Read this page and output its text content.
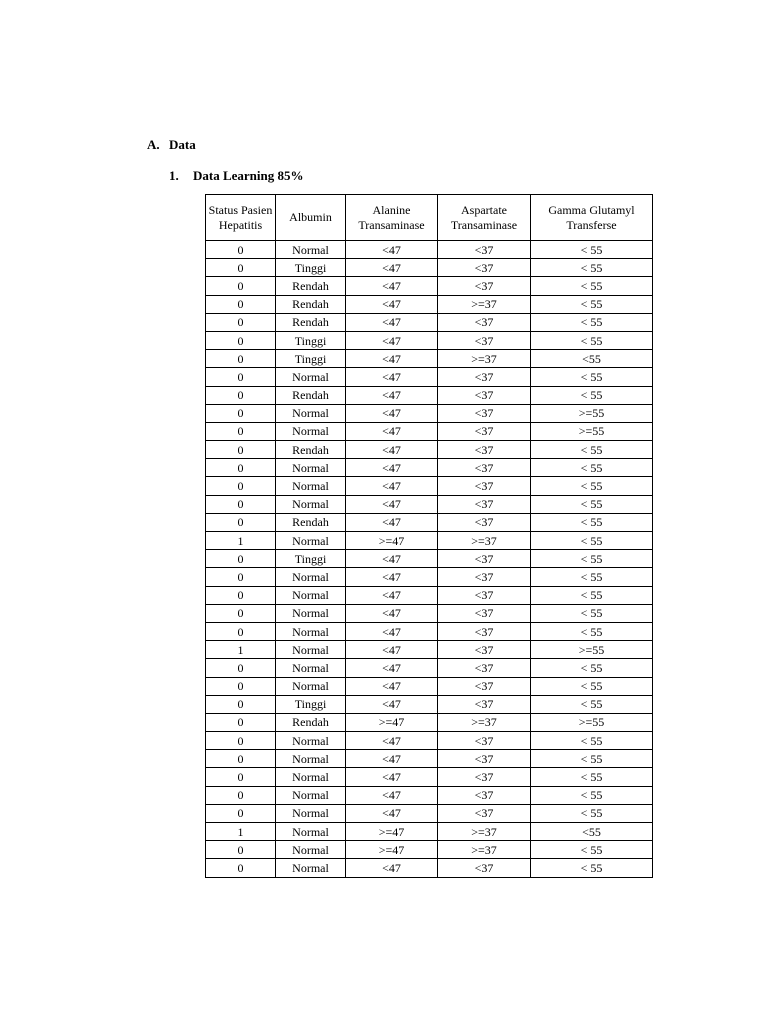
A. Data
1. Data Learning 85%
Status Pasien Hepatitis	Albumin	Alanine Transaminase	Aspartate Transaminase	Gamma Glutamyl Transferse
0	Normal	<47	<37	< 55
0	Tinggi	<47	<37	< 55
0	Rendah	<47	<37	< 55
0	Rendah	<47	>=37	< 55
0	Rendah	<47	<37	< 55
0	Tinggi	<47	<37	< 55
0	Tinggi	<47	>=37	<55
0	Normal	<47	<37	< 55
0	Rendah	<47	<37	< 55
0	Normal	<47	<37	>=55
0	Normal	<47	<37	>=55
0	Rendah	<47	<37	< 55
0	Normal	<47	<37	< 55
0	Normal	<47	<37	< 55
0	Normal	<47	<37	< 55
0	Rendah	<47	<37	< 55
1	Normal	>=47	>=37	< 55
0	Tinggi	<47	<37	< 55
0	Normal	<47	<37	< 55
0	Normal	<47	<37	< 55
0	Normal	<47	<37	< 55
0	Normal	<47	<37	< 55
1	Normal	<47	<37	>=55
0	Normal	<47	<37	< 55
0	Normal	<47	<37	< 55
0	Tinggi	<47	<37	< 55
0	Rendah	>=47	>=37	>=55
0	Normal	<47	<37	< 55
0	Normal	<47	<37	< 55
0	Normal	<47	<37	< 55
0	Normal	<47	<37	< 55
0	Normal	<47	<37	< 55
1	Normal	>=47	>=37	<55
0	Normal	>=47	>=37	< 55
0	Normal	<47	<37	< 55
